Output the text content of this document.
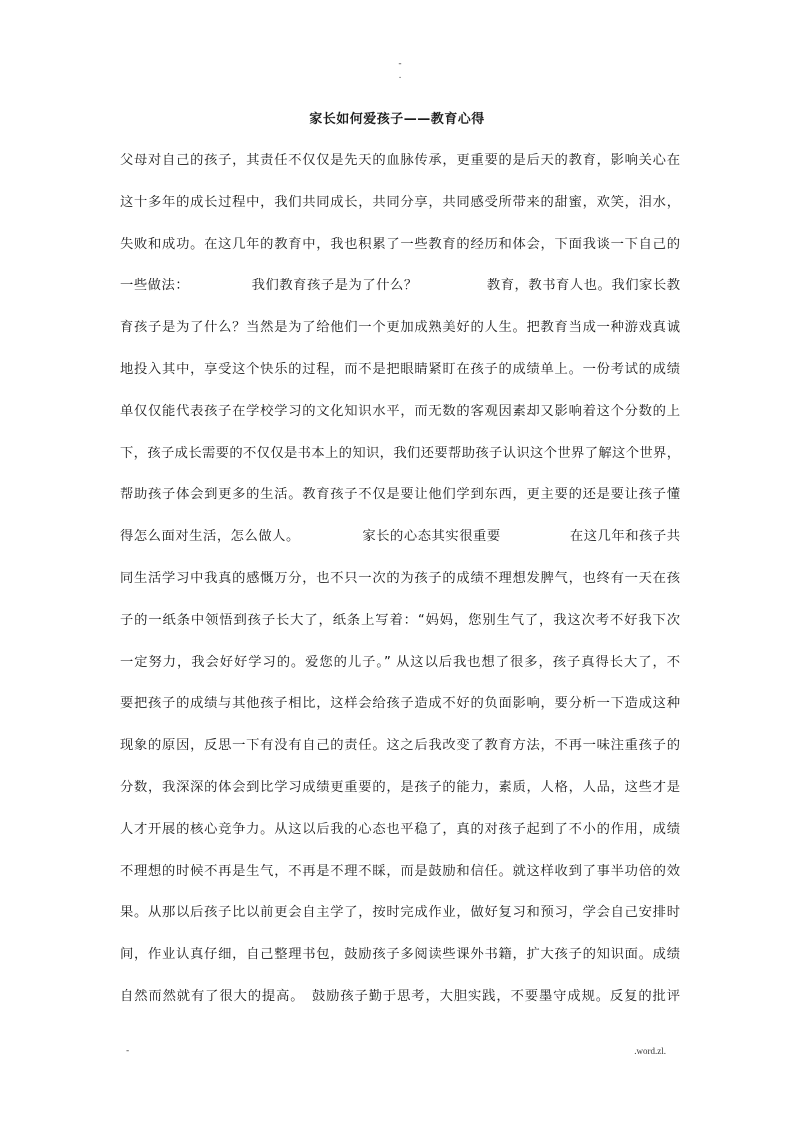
-
.
家长如何爱孩子——教育心得
父母对自己的孩子，其责任不仅仅是先天的血脉传承，更重要的是后天的教育，影响关心在
这十多年的成长过程中，我们共同成长，共同分享，共同感受所带来的甜蜜，欢笑，泪水，
失败和成功。在这几年的教育中，我也积累了一些教育的经历和体会，下面我谈一下自己的
一些做法：　　　　　我们教育孩子是为了什么？　　　　　教育，教书育人也。我们家长教
育孩子是为了什么？当然是为了给他们一个更加成熟美好的人生。把教育当成一种游戏真诚
地投入其中，享受这个快乐的过程，而不是把眼睛紧盯在孩子的成绩单上。一份考试的成绩
单仅仅能代表孩子在学校学习的文化知识水平，而无数的客观因素却又影响着这个分数的上
下，孩子成长需要的不仅仅是书本上的知识，我们还要帮助孩子认识这个世界了解这个世界，
帮助孩子体会到更多的生活。教育孩子不仅是要让他们学到东西，更主要的还是要让孩子懂
得怎么面对生活，怎么做人。　　　　　家长的心态其实很重要　　　　　在这几年和孩子共
同生活学习中我真的感慨万分，也不只一次的为孩子的成绩不理想发脾气，也终有一天在孩
子的一纸条中领悟到孩子长大了，纸条上写着：“妈妈，您别生气了，我这次考不好我下次
一定努力，我会好好学习的。爱您的儿子。” 从这以后我也想了很多，孩子真得长大了，不
要把孩子的成绩与其他孩子相比，这样会给孩子造成不好的负面影响，要分析一下造成这种
现象的原因，反思一下有没有自己的责任。这之后我改变了教育方法，不再一味注重孩子的
分数，我深深的体会到比学习成绩更重要的，是孩子的能力，素质，人格，人品，这些才是
人才开展的核心竞争力。从这以后我的心态也平稳了，真的对孩子起到了不小的作用，成绩
不理想的时候不再是生气，不再是不理不睬，而是鼓励和信任。就这样收到了事半功倍的效
果。从那以后孩子比以前更会自主学了，按时完成作业，做好复习和预习，学会自己安排时
间，作业认真仔细，自己整理书包，鼓励孩子多阅读些课外书籍，扩大孩子的知识面。成绩
自然而然就有了很大的提高。　鼓励孩子勤于思考，大胆实践，不要墨守成规。反复的批评
-	.word.zl.
